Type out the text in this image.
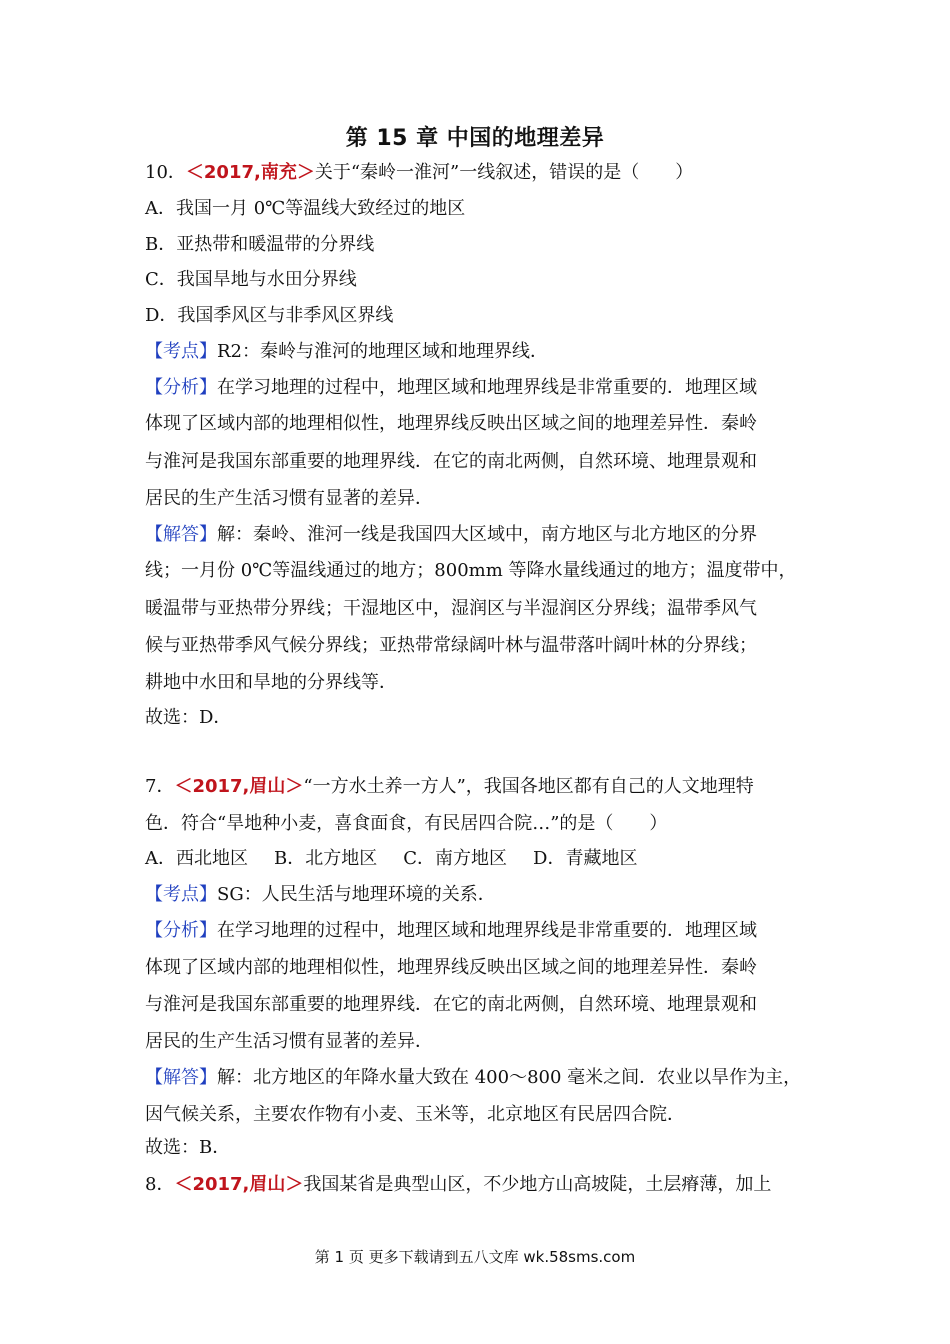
第 15 章 中国的地理差异
10．＜2017,南充＞关于“秦岭一淮河”一线叙述，错误的是（　　）
A．我国一月 0℃等温线大致经过的地区
B．亚热带和暖温带的分界线
C．我国旱地与水田分界线
D．我国季风区与非季风区界线
【考点】R2：秦岭与淮河的地理区域和地理界线．
【分析】在学习地理的过程中，地理区域和地理界线是非常重要的．地理区域
体现了区域内部的地理相似性，地理界线反映出区域之间的地理差异性．秦岭
与淮河是我国东部重要的地理界线．在它的南北两侧，自然环境、地理景观和
居民的生产生活习惯有显著的差异．
【解答】解：秦岭、淮河一线是我国四大区域中，南方地区与北方地区的分界
线；一月份 0℃等温线通过的地方；800mm 等降水量线通过的地方；温度带中，
暖温带与亚热带分界线；干湿地区中，湿润区与半湿润区分界线；温带季风气
候与亚热带季风气候分界线；亚热带常绿阔叶林与温带落叶阔叶林的分界线；
耕地中水田和旱地的分界线等．
故选：D．
7．＜2017,眉山＞“一方水土养一方人”，我国各地区都有自己的人文地理特
色．符合“旱地种小麦，喜食面食，有民居四合院…”的是（　　）
A．西北地区 B．北方地区 C．南方地区 D．青藏地区
【考点】SG：人民生活与地理环境的关系．
【分析】在学习地理的过程中，地理区域和地理界线是非常重要的．地理区域
体现了区域内部的地理相似性，地理界线反映出区域之间的地理差异性．秦岭
与淮河是我国东部重要的地理界线．在它的南北两侧，自然环境、地理景观和
居民的生产生活习惯有显著的差异．
【解答】解：北方地区的年降水量大致在 400～800 毫米之间．农业以旱作为主，
因气候关系，主要农作物有小麦、玉米等，北京地区有民居四合院．
故选：B．
8．＜2017,眉山＞我国某省是典型山区，不少地方山高坡陡，土层瘠薄，加上
第 1 页 更多下载请到五八文库 wk.58sms.com
